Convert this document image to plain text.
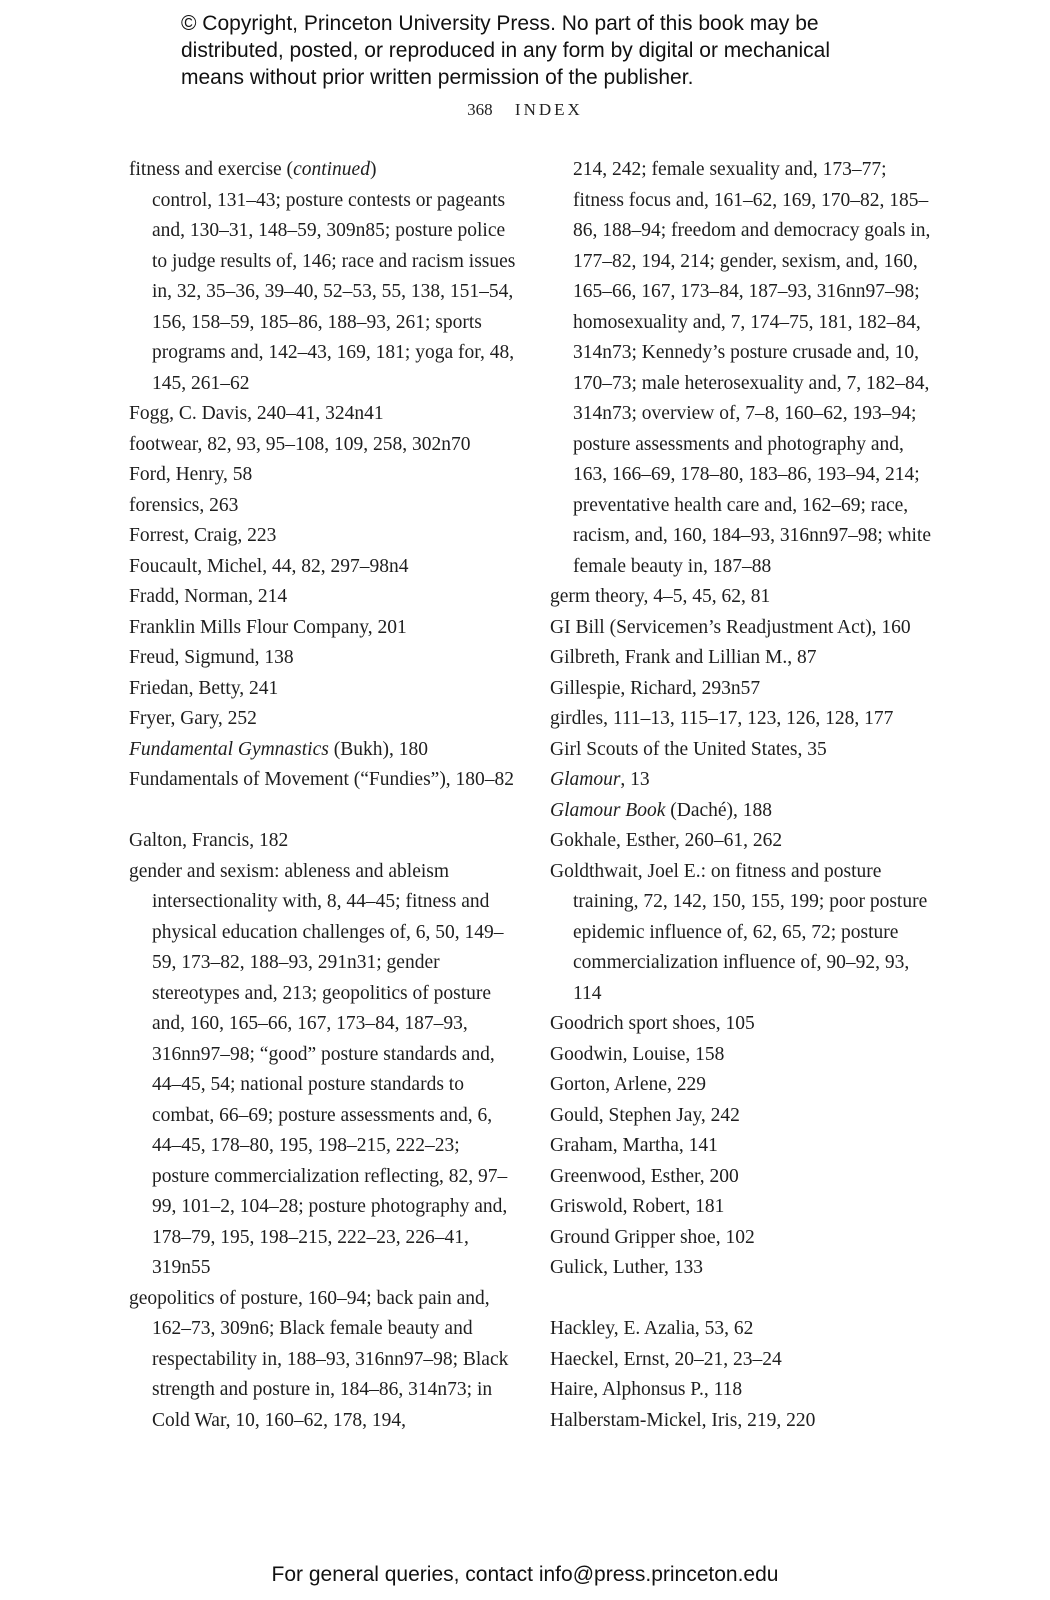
© Copyright, Princeton University Press. No part of this book may be
distributed, posted, or reproduced in any form by digital or mechanical
means without prior written permission of the publisher.
368 INDEX
fitness and exercise (continued)
control, 131–43; posture contests or pageants and, 130–31, 148–59, 309n85; posture police to judge results of, 146; race and racism issues in, 32, 35–36, 39–40, 52–53, 55, 138, 151–54, 156, 158–59, 185–86, 188–93, 261; sports programs and, 142–43, 169, 181; yoga for, 48, 145, 261–62
Fogg, C. Davis, 240–41, 324n41
footwear, 82, 93, 95–108, 109, 258, 302n70
Ford, Henry, 58
forensics, 263
Forrest, Craig, 223
Foucault, Michel, 44, 82, 297–98n4
Fradd, Norman, 214
Franklin Mills Flour Company, 201
Freud, Sigmund, 138
Friedan, Betty, 241
Fryer, Gary, 252
Fundamental Gymnastics (Bukh), 180
Fundamentals of Movement (“Fundies”), 180–82
Galton, Francis, 182
gender and sexism: ableness and ableism intersectionality with, 8, 44–45; fitness and physical education challenges of, 6, 50, 149–59, 173–82, 188–93, 291n31; gender stereotypes and, 213; geopolitics of posture and, 160, 165–66, 167, 173–84, 187–93, 316nn97–98; “good” posture standards and, 44–45, 54; national posture standards to combat, 66–69; posture assessments and, 6, 44–45, 178–80, 195, 198–215, 222–23; posture commercialization reflecting, 82, 97–99, 101–2, 104–28; posture photography and, 178–79, 195, 198–215, 222–23, 226–41, 319n55
geopolitics of posture, 160–94; back pain and, 162–73, 309n6; Black female beauty and respectability in, 188–93, 316nn97–98; Black strength and posture in, 184–86, 314n73; in Cold War, 10, 160–62, 178, 194,
214, 242; female sexuality and, 173–77; fitness focus and, 161–62, 169, 170–82, 185–86, 188–94; freedom and democracy goals in, 177–82, 194, 214; gender, sexism, and, 160, 165–66, 167, 173–84, 187–93, 316nn97–98; homosexuality and, 7, 174–75, 181, 182–84, 314n73; Kennedy’s posture crusade and, 10, 170–73; male heterosexuality and, 7, 182–84, 314n73; overview of, 7–8, 160–62, 193–94; posture assessments and photography and, 163, 166–69, 178–80, 183–86, 193–94, 214; preventative health care and, 162–69; race, racism, and, 160, 184–93, 316nn97–98; white female beauty in, 187–88
germ theory, 4–5, 45, 62, 81
GI Bill (Servicemen’s Readjustment Act), 160
Gilbreth, Frank and Lillian M., 87
Gillespie, Richard, 293n57
girdles, 111–13, 115–17, 123, 126, 128, 177
Girl Scouts of the United States, 35
Glamour, 13
Glamour Book (Daché), 188
Gokhale, Esther, 260–61, 262
Goldthwait, Joel E.: on fitness and posture training, 72, 142, 150, 155, 199; poor posture epidemic influence of, 62, 65, 72; posture commercialization influence of, 90–92, 93, 114
Goodrich sport shoes, 105
Goodwin, Louise, 158
Gorton, Arlene, 229
Gould, Stephen Jay, 242
Graham, Martha, 141
Greenwood, Esther, 200
Griswold, Robert, 181
Ground Gripper shoe, 102
Gulick, Luther, 133
Hackley, E. Azalia, 53, 62
Haeckel, Ernst, 20–21, 23–24
Haire, Alphonsus P., 118
Halberstam-Mickel, Iris, 219, 220
For general queries, contact info@press.princeton.edu
